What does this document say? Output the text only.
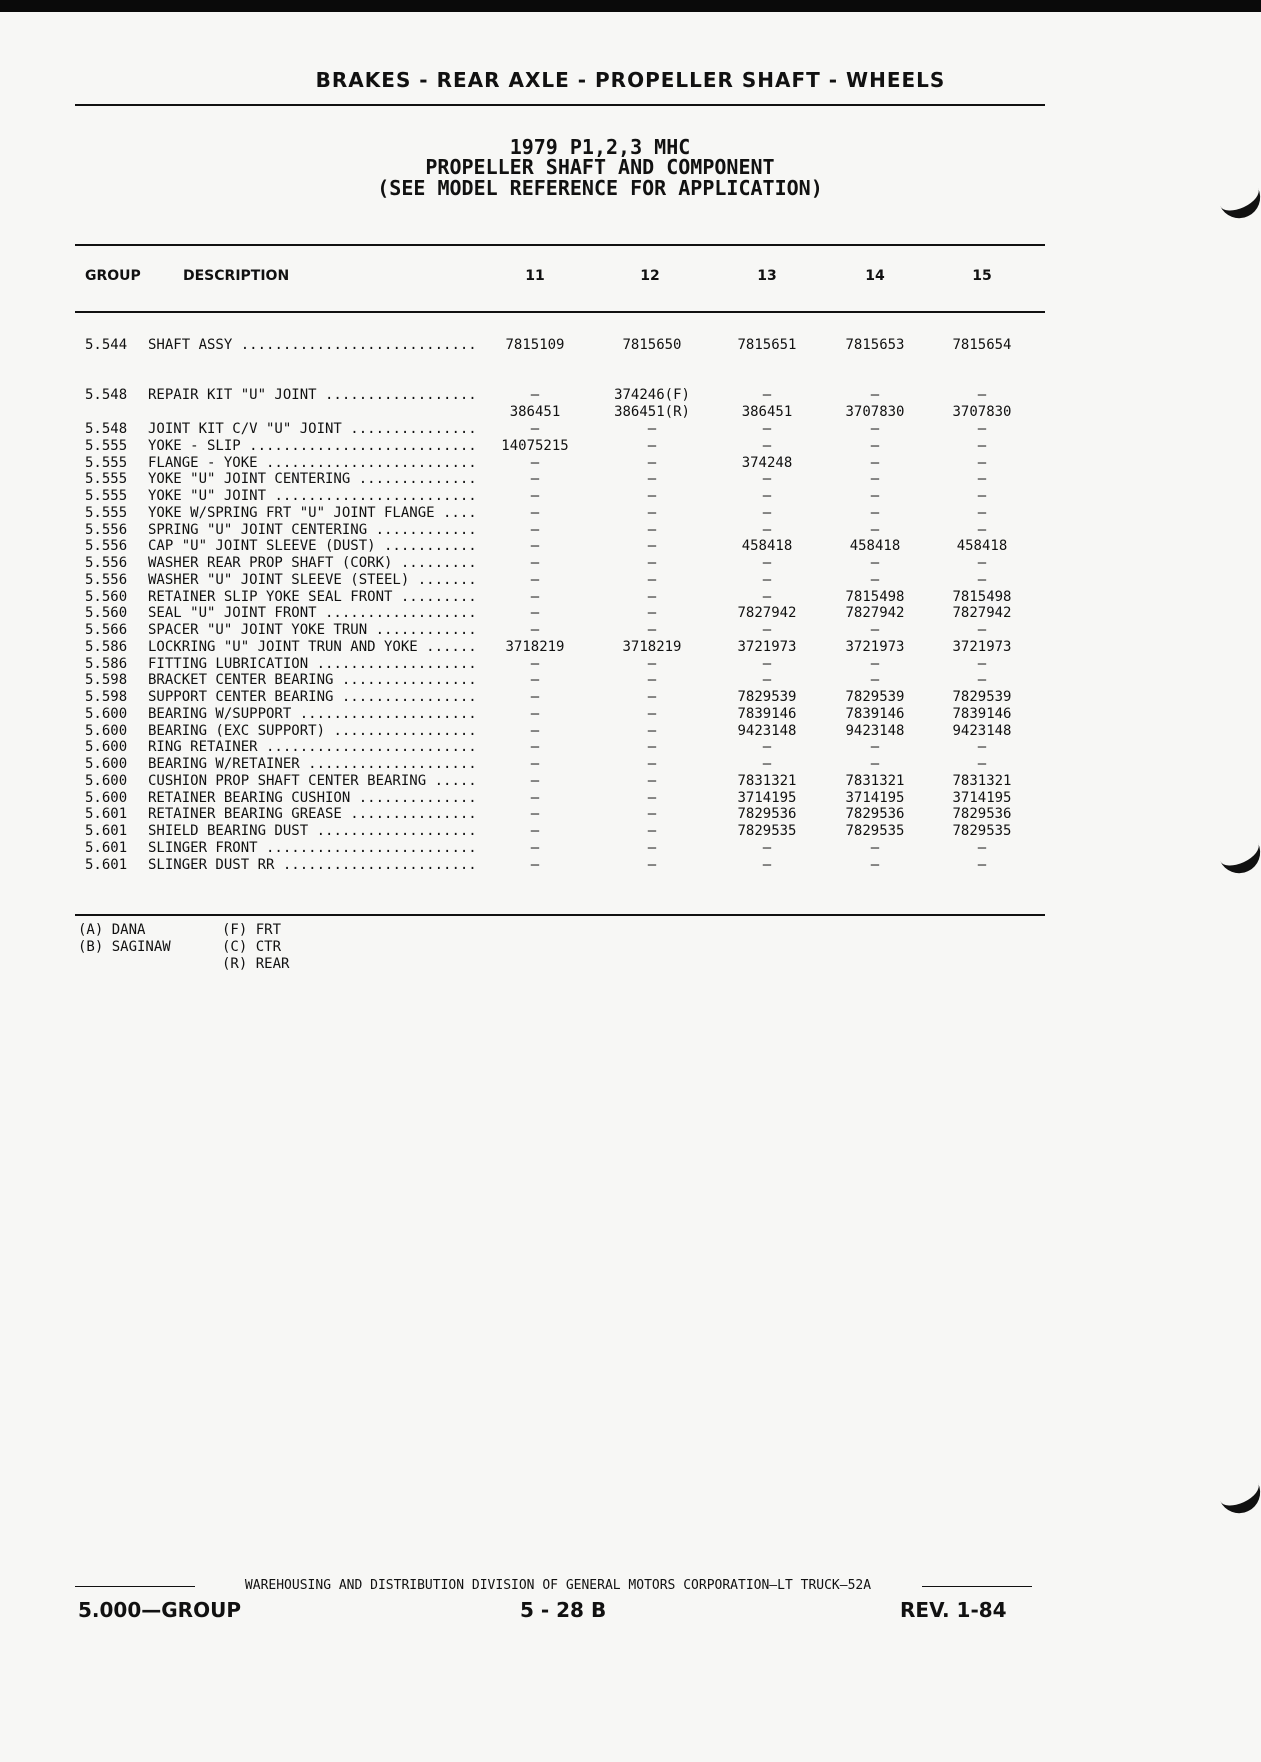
BRAKES - REAR AXLE - PROPELLER SHAFT - WHEELS
1979 P1,2,3 MHC
PROPELLER SHAFT AND COMPONENT
(SEE MODEL REFERENCE FOR APPLICATION)
GROUP	DESCRIPTION	11	12	13	14	15
5.544 SHAFT ASSY .....	7815109	7815650	7815651	7815653	7815654
5.548 REPAIR KIT "U" JOINT .....	—	374246(F)	—	—	—
386451	386451(R)	386451	3707830	3707830
5.548 JOINT KIT C/V "U" JOINT .....	—	—	—	—	—
5.555 YOKE - SLIP .....	14075215	—	—	—	—
5.555 FLANGE - YOKE .....	—	—	374248	—	—
5.555 YOKE "U" JOINT CENTERING .....	—	—	—	—	—
5.555 YOKE "U" JOINT .....	—	—	—	—	—
5.555 YOKE W/SPRING FRT "U" JOINT FLANGE .....	—	—	—	—	—
5.556 SPRING "U" JOINT CENTERING .....	—	—	—	—	—
5.556 CAP "U" JOINT SLEEVE (DUST) .....	—	—	458418	458418	458418
5.556 WASHER REAR PROP SHAFT (CORK) .....	—	—	—	—	—
5.556 WASHER "U" JOINT SLEEVE (STEEL) .....	—	—	—	—	—
5.560 RETAINER SLIP YOKE SEAL FRONT .....	—	—	—	7815498	7815498
5.560 SEAL "U" JOINT FRONT .....	—	—	7827942	7827942	7827942
5.566 SPACER "U" JOINT YOKE TRUN .....	—	—	—	—	—
5.586 LOCKRING "U" JOINT TRUN AND YOKE .....	3718219	3718219	3721973	3721973	3721973
5.586 FITTING LUBRICATION .....	—	—	—	—	—
5.598 BRACKET CENTER BEARING .....	—	—	—	—	—
5.598 SUPPORT CENTER BEARING .....	—	—	7829539	7829539	7829539
5.600 BEARING W/SUPPORT .....	—	—	7839146	7839146	7839146
5.600 BEARING (EXC SUPPORT) .....	—	—	9423148	9423148	9423148
5.600 RING RETAINER .....	—	—	—	—	—
5.600 BEARING W/RETAINER .....	—	—	—	—	—
5.600 CUSHION PROP SHAFT CENTER BEARING .....	—	—	7831321	7831321	7831321
5.600 RETAINER BEARING CUSHION .....	—	—	3714195	3714195	3714195
5.601 RETAINER BEARING GREASE .....	—	—	7829536	7829536	7829536
5.601 SHIELD BEARING DUST .....	—	—	7829535	7829535	7829535
5.601 SLINGER FRONT .....	—	—	—	—	—
5.601 SLINGER DUST RR .....	—	—	—	—	—
(A) DANA
(B) SAGINAW
(F) FRT
(C) CTR
(R) REAR
WAREHOUSING AND DISTRIBUTION DIVISION OF GENERAL MOTORS CORPORATION—LT TRUCK—52A
5.000—GROUP	5 - 28 B	REV. 1-84
